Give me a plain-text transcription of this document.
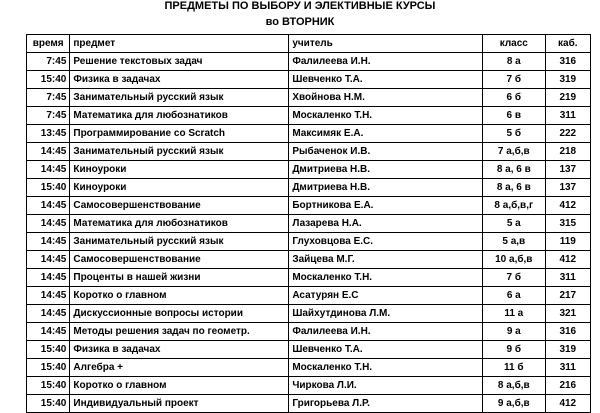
ПРЕДМЕТЫ ПО ВЫБОРУ И ЭЛЕКТИВНЫЕ КУРСЫ
во ВТОРНИК
время	предмет	учитель	класс	каб.
7:45	Решение текстовых задач	Фалилеева И.Н.	8 а	316
15:40	Физика в задачах	Шевченко Т.А.	7 б	319
7:45	Занимательный русский язык	Хвойнова Н.М.	6 б	219
7:45	Математика для любознатиков	Москаленко Т.Н.	6 в	311
13:45	Программирование со Scratch	Максимяк Е.А.	5 б	222
14:45	Занимательный русский язык	Рыбаченок И.В.	7 а,б,в	218
14:45	Киноуроки	Дмитриева Н.В.	8 а, 6 в	137
15:40	Киноуроки	Дмитриева Н.В.	8 а, 6 в	137
14:45	Самосовершенствование	Бортникова Е.А.	8 а,б,в,г	412
14:45	Математика для любознатиков	Лазарева Н.А.	5 а	315
14:45	Занимательный русский язык	Глуховцова Е.С.	5 а,в	119
14:45	Самосовершенствование	Зайцева М.Г.	10 а,б,в	412
14:45	Проценты в нашей жизни	Москаленко Т.Н.	7 б	311
14:45	Коротко о главном	Асатурян Е.С	6 а	217
14:45	Дискуссионные вопросы истории	Шайхутдинова Л.М.	11 а	321
14:45	Методы решения задач по геометр.	Фалилеева И.Н.	9 а	316
15:40	Физика в задачах	Шевченко Т.А.	9 б	319
15:40	Алгебра +	Москаленко Т.Н.	11 б	311
15:40	Коротко о главном	Чиркова Л.И.	8 а,б,в	216
15:40	Индивидуальный проект	Григорьева Л.Р.	9 а,б,в	412
